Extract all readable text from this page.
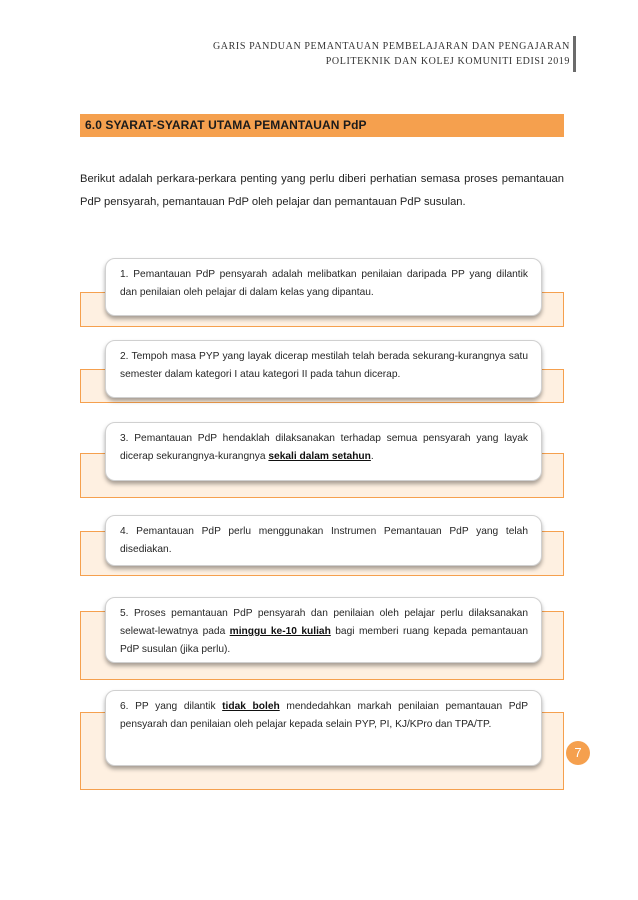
GARIS PANDUAN PEMANTAUAN PEMBELAJARAN DAN PENGAJARAN
POLITEKNIK DAN KOLEJ KOMUNITI EDISI 2019
6.0 SYARAT-SYARAT UTAMA PEMANTAUAN PdP
Berikut adalah perkara-perkara penting yang perlu diberi perhatian semasa proses pemantauan PdP pensyarah, pemantauan PdP oleh pelajar dan pemantauan PdP susulan.
1. Pemantauan PdP pensyarah adalah melibatkan penilaian daripada PP yang dilantik dan penilaian oleh pelajar di dalam kelas yang dipantau.
2. Tempoh masa PYP yang layak dicerap mestilah telah berada sekurang-kurangnya satu semester dalam kategori I atau kategori II pada tahun dicerap.
3. Pemantauan PdP hendaklah dilaksanakan terhadap semua pensyarah yang layak dicerap sekurangnya-kurangnya sekali dalam setahun.
4. Pemantauan PdP perlu menggunakan Instrumen Pemantauan PdP yang telah disediakan.
5. Proses pemantauan PdP pensyarah dan penilaian oleh pelajar perlu dilaksanakan selewat-lewatnya pada minggu ke-10 kuliah bagi memberi ruang kepada pemantauan PdP susulan (jika perlu).
6. PP yang dilantik tidak boleh mendedahkan markah penilaian pemantauan PdP pensyarah dan penilaian oleh pelajar kepada selain PYP, PI, KJ/KPro dan TPA/TP.
7
